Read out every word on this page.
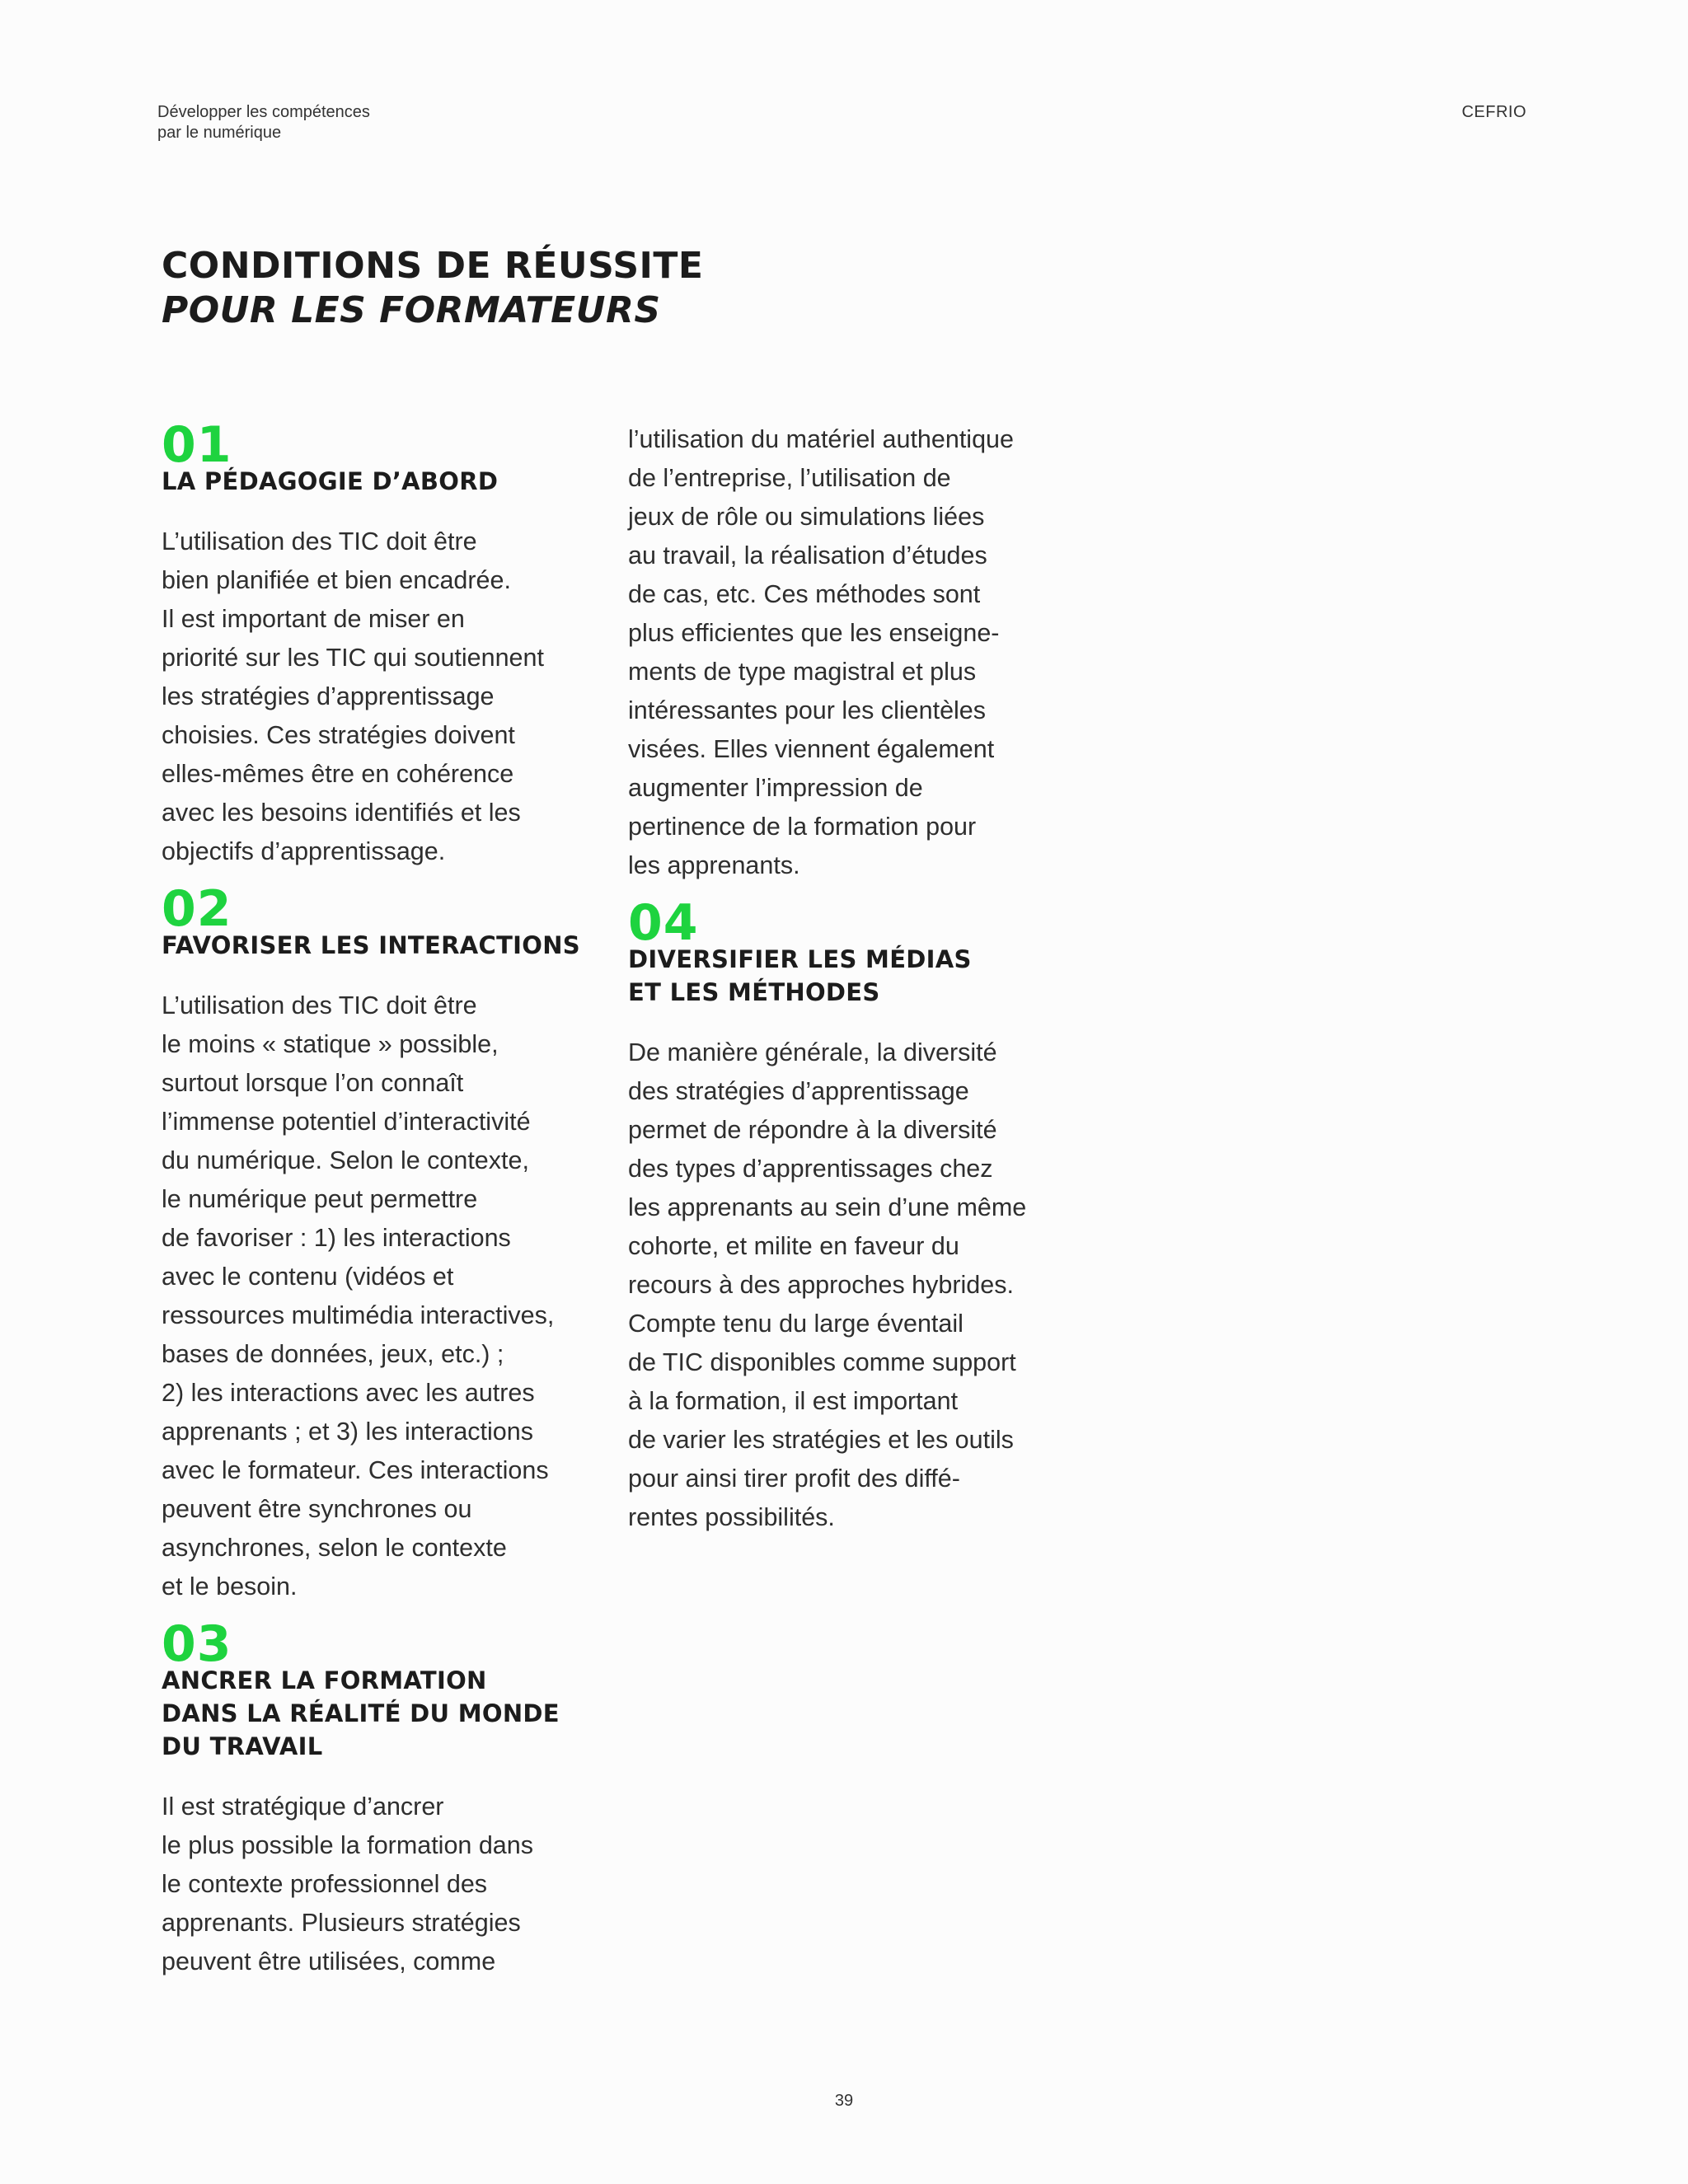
Développer les compétences
par le numérique
CEFRIO
CONDITIONS DE RÉUSSITE
POUR LES FORMATEURS
01
LA PÉDAGOGIE D’ABORD
L’utilisation des TIC doit être
bien planifiée et bien encadrée.
Il est important de miser en
priorité sur les TIC qui soutiennent
les stratégies d’apprentissage
choisies. Ces stratégies doivent
elles-mêmes être en cohérence
avec les besoins identifiés et les
objectifs d’apprentissage.
02
FAVORISER LES INTERACTIONS
L’utilisation des TIC doit être
le moins « statique » possible,
surtout lorsque l’on connaît
l’immense potentiel d’interactivité
du numérique. Selon le contexte,
le numérique peut permettre
de favoriser : 1) les interactions
avec le contenu (vidéos et
ressources multimédia interactives,
bases de données, jeux, etc.) ;
2) les interactions avec les autres
apprenants ; et 3) les interactions
avec le formateur. Ces interactions
peuvent être synchrones ou
asynchrones, selon le contexte
et le besoin.
03
ANCRER LA FORMATION
DANS LA RÉALITÉ DU MONDE
DU TRAVAIL
Il est stratégique d’ancrer
le plus possible la formation dans
le contexte professionnel des
apprenants. Plusieurs stratégies
peuvent être utilisées, comme
l’utilisation du matériel authentique
de l’entreprise, l’utilisation de
jeux de rôle ou simulations liées
au travail, la réalisation d’études
de cas, etc. Ces méthodes sont
plus efficientes que les enseigne-
ments de type magistral et plus
intéressantes pour les clientèles
visées. Elles viennent également
augmenter l’impression de
pertinence de la formation pour
les apprenants.
04
DIVERSIFIER LES MÉDIAS
ET LES MÉTHODES
De manière générale, la diversité
des stratégies d’apprentissage
permet de répondre à la diversité
des types d’apprentissages chez
les apprenants au sein d’une même
cohorte, et milite en faveur du
recours à des approches hybrides.
Compte tenu du large éventail
de TIC disponibles comme support
à la formation, il est important
de varier les stratégies et les outils
pour ainsi tirer profit des diffé-
rentes possibilités.
39
